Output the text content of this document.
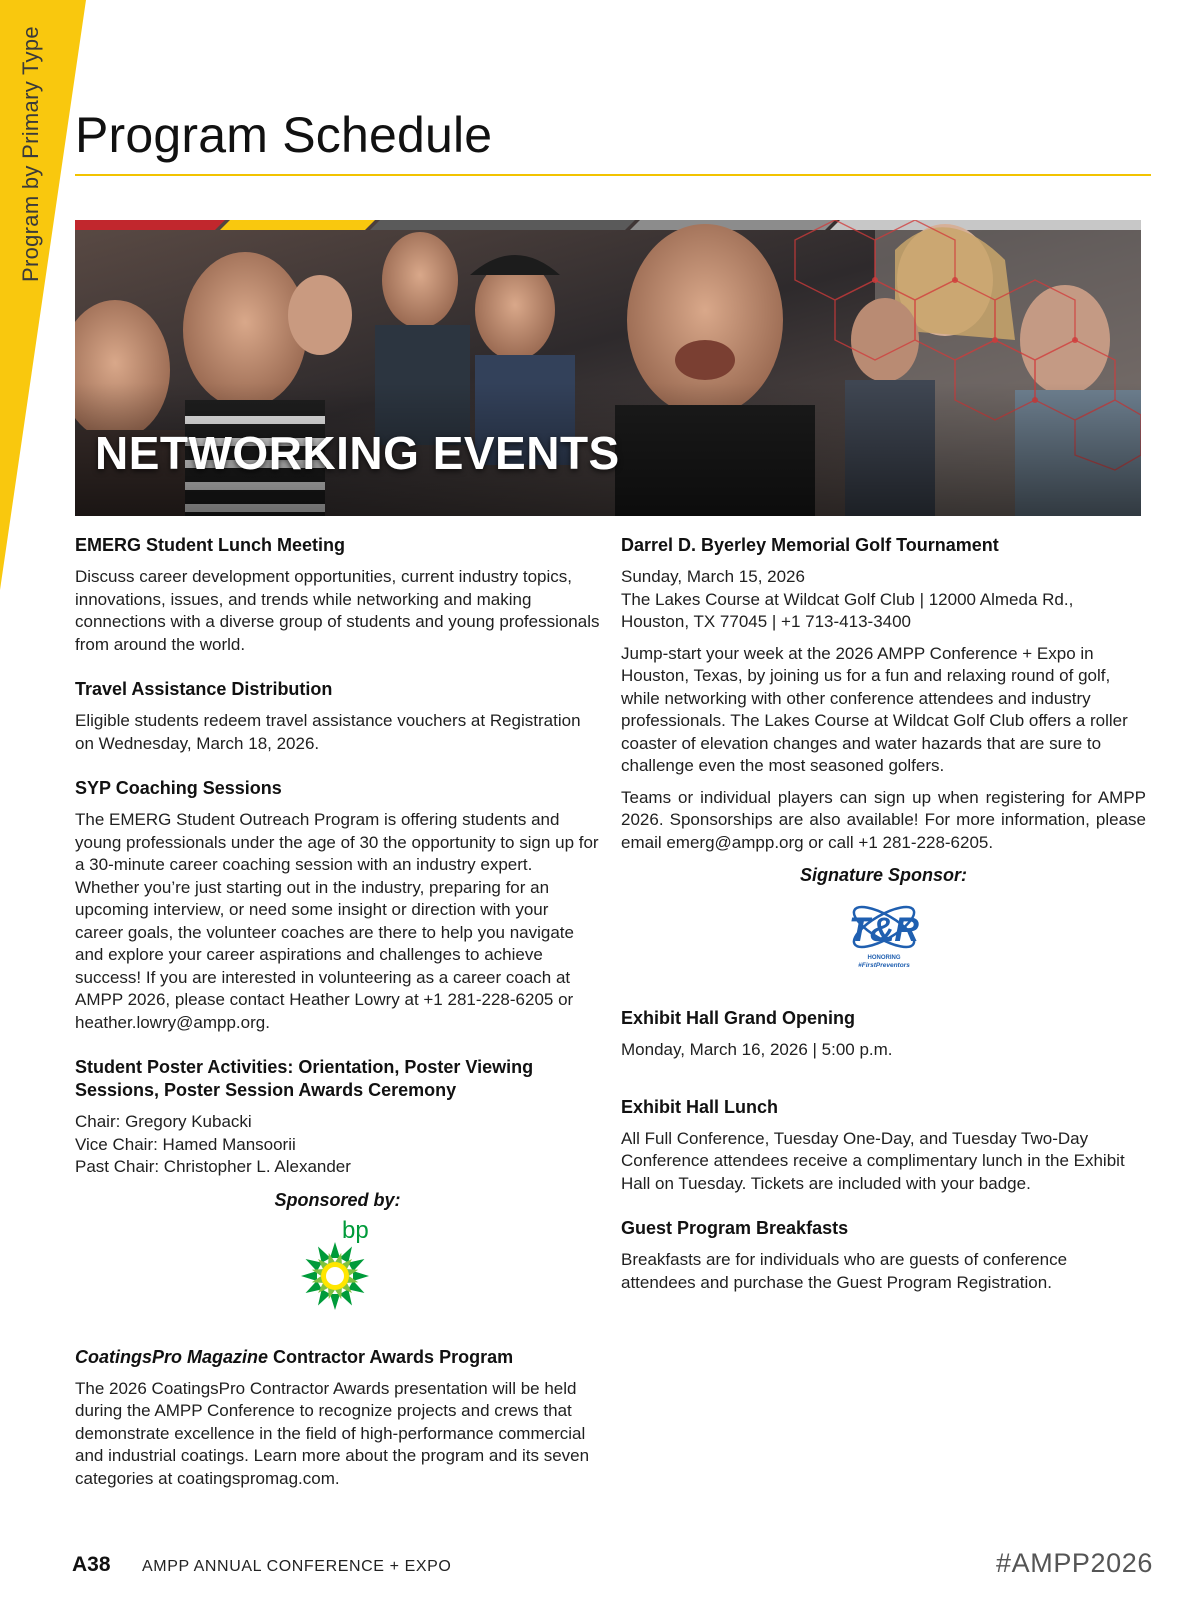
Program by Primary Type Program Schedule
NETWORKING EVENTS
EMERG Student Lunch Meeting

Discuss career development opportunities, current industry topics, innovations, issues, and trends while networking and making connections with a diverse group of students and young professionals from around the world.

Travel Assistance Distribution

Eligible students redeem travel assistance vouchers at Registration on Wednesday, March 18, 2026.

SYP Coaching Sessions

The EMERG Student Outreach Program is offering students and young professionals under the age of 30 the opportunity to sign up for a 30-minute career coaching session with an industry expert. Whether you’re just starting out in the industry, preparing for an upcoming interview, or need some insight or direction with your career goals, the volunteer coaches are there to help you navigate and explore your career aspirations and challenges to achieve success! If you are interested in volunteering as a career coach at AMPP 2026, please contact Heather Lowry at +1 281-228-6205 or heather.lowry@ampp.org.

Student Poster Activities: Orientation, Poster Viewing Sessions, Poster Session Awards Ceremony
Chair: Gregory Kubacki
Vice Chair: Hamed Mansoorii
Past Chair: Christopher L. Alexander
Sponsored by:
bp
CoatingsPro Magazine Contractor Awards Program

The 2026 CoatingsPro Contractor Awards presentation will be held during the AMPP Conference to recognize projects and crews that demonstrate excellence in the field of high-performance commercial and industrial coatings. Learn more about the program and its seven categories at coatingspromag.com.

Darrel D. Byerley Memorial Golf Tournament
Sunday, March 15, 2026
The Lakes Course at Wildcat Golf Club | 12000 Almeda Rd.,
Houston, TX 77045 | +1 713-413-3400

Jump-start your week at the 2026 AMPP Conference + Expo in Houston, Texas, by joining us for a fun and relaxing round of golf, while networking with other conference attendees and industry professionals. The Lakes Course at Wildcat Golf Club offers a roller coaster of elevation changes and water hazards that are sure to challenge even the most seasoned golfers.

Teams or individual players can sign up when registering for AMPP 2026. Sponsorships are also available! For more information, please email emerg@ampp.org or call +1 281-228-6205.

Signature Sponsor:
T&R
HONORING
#FirstPreventors
Exhibit Hall Grand Opening
Monday, March 16, 2026 | 5:00 p.m.
Exhibit Hall Lunch

All Full Conference, Tuesday One-Day, and Tuesday Two-Day Conference attendees receive a complimentary lunch in the Exhibit Hall on Tuesday. Tickets are included with your badge.

Guest Program Breakfasts

Breakfasts are for individuals who are guests of conference attendees and purchase the Guest Program Registration.

A38 AMPP ANNUAL CONFERENCE + EXPO	#AMPP2026
